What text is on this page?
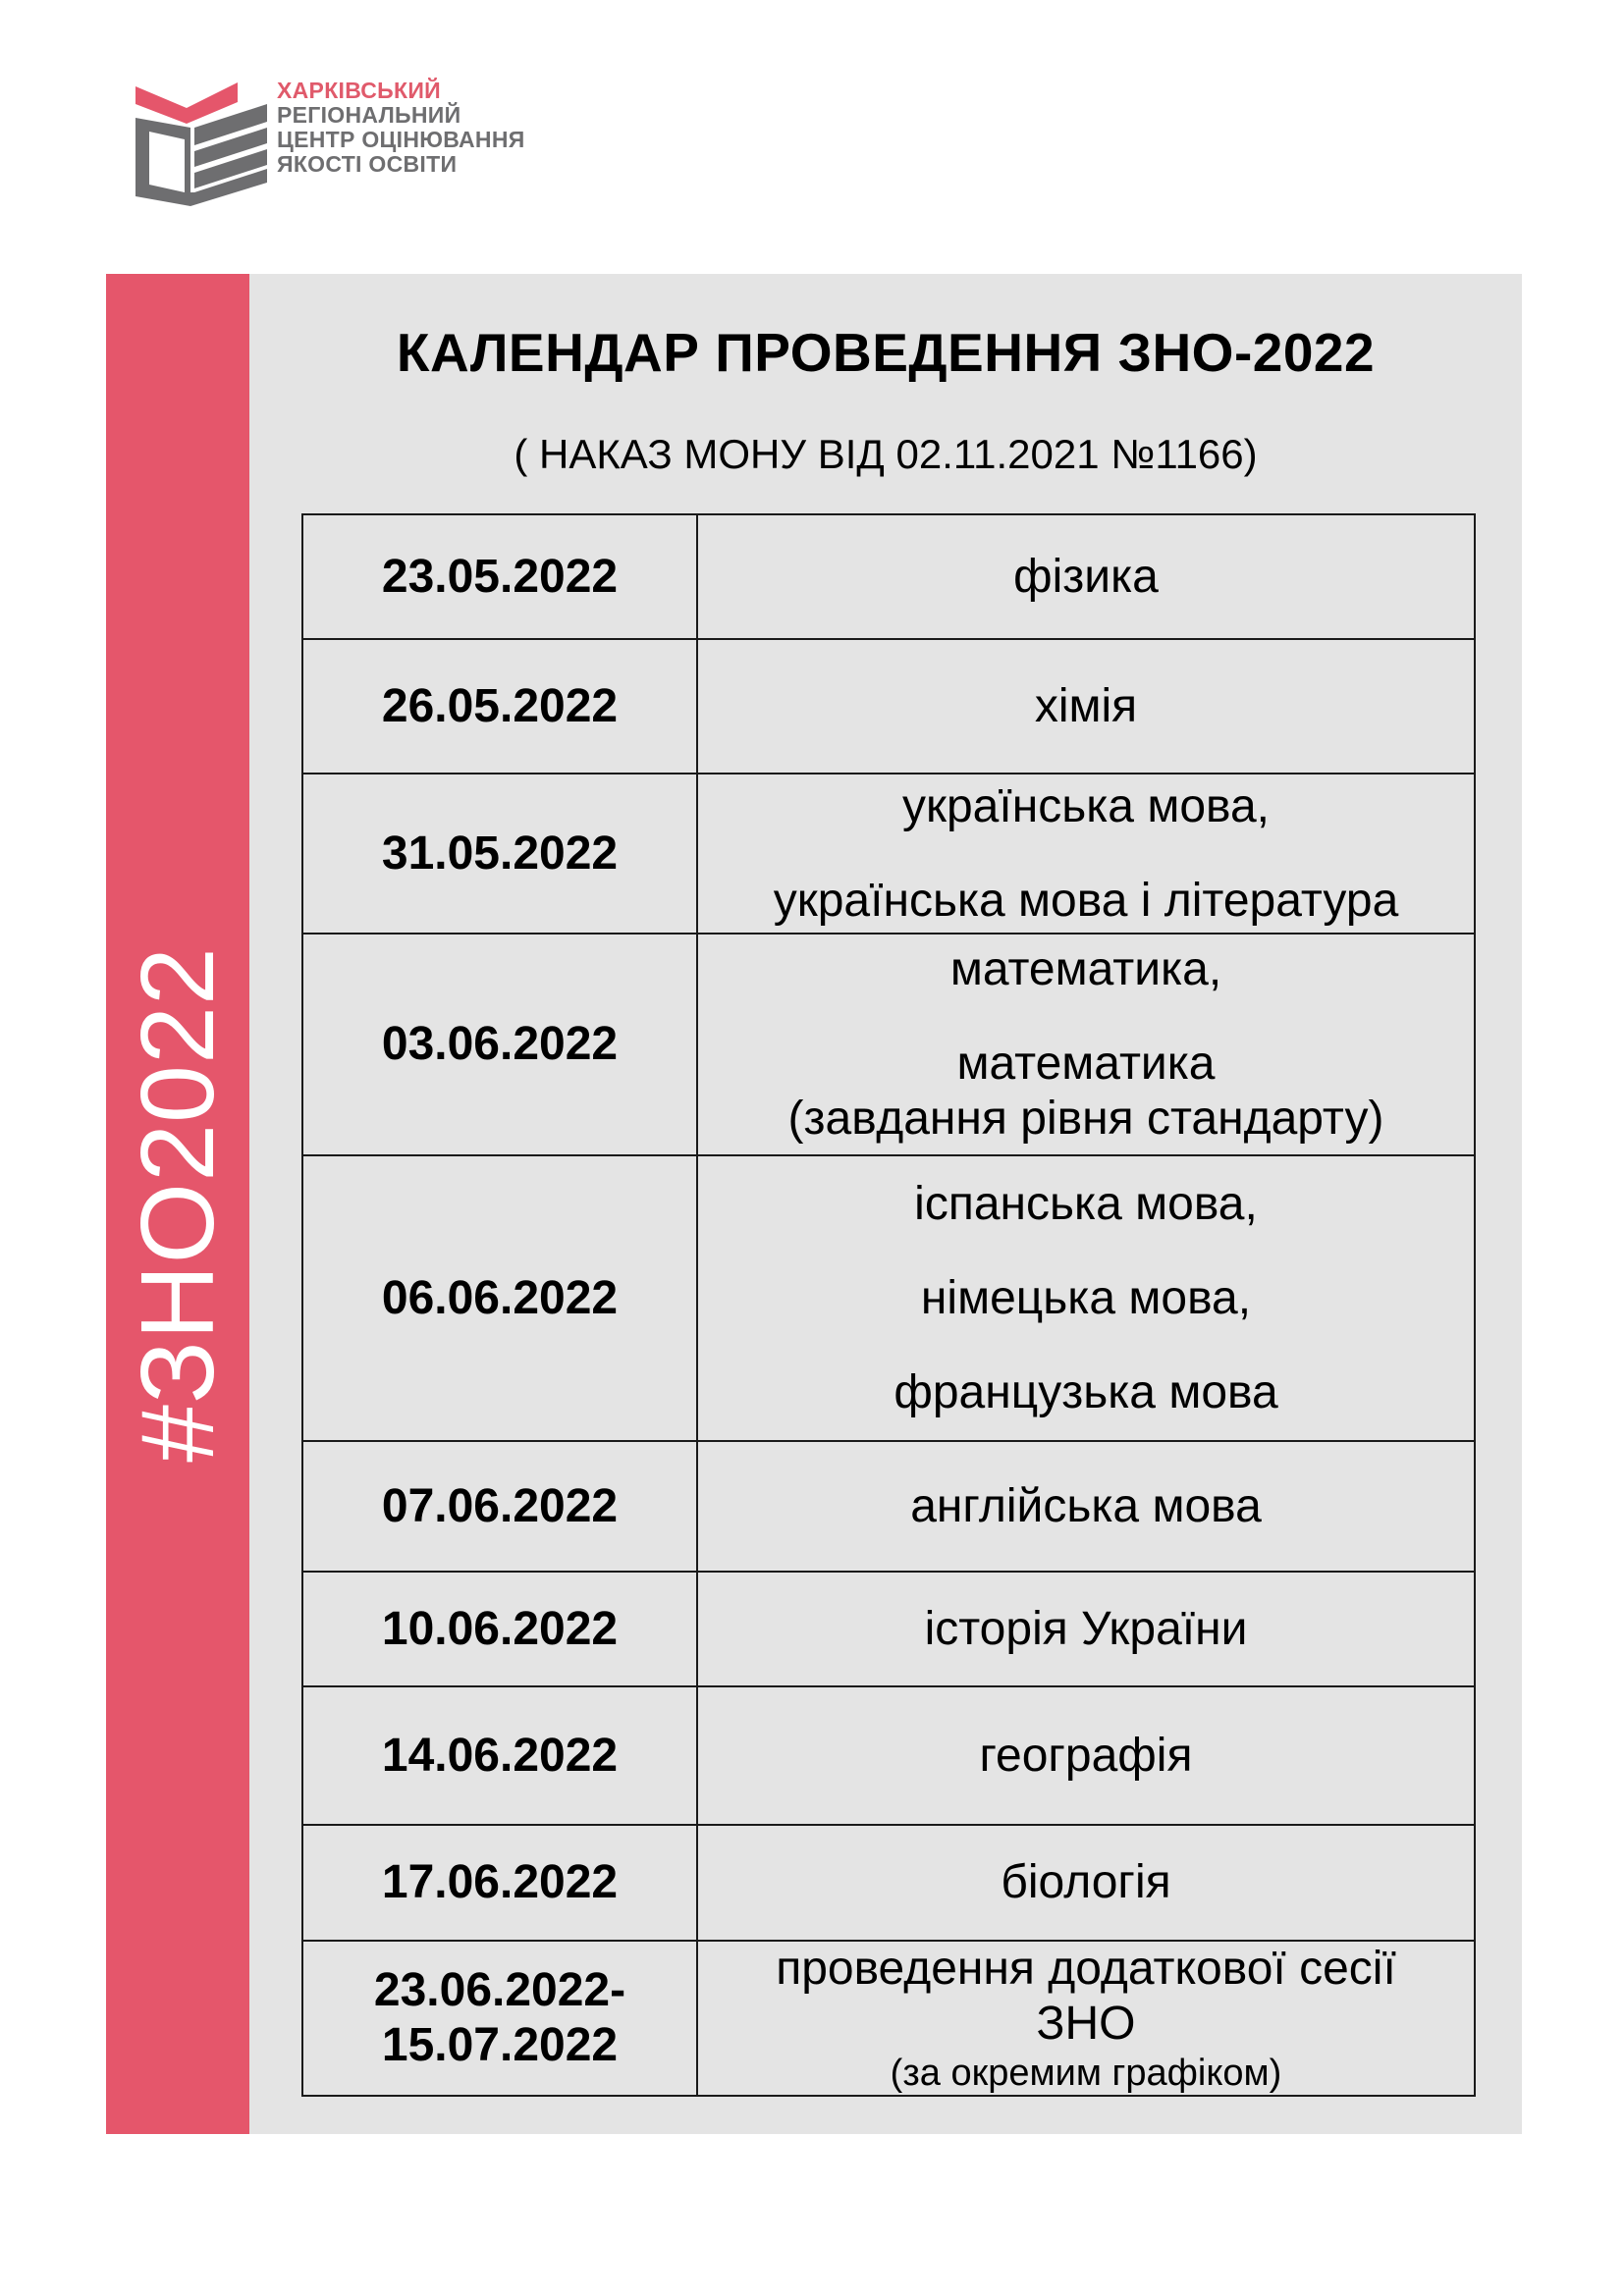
ХАРКІВСЬКИЙ
РЕГІОНАЛЬНИЙ
ЦЕНТР ОЦІНЮВАННЯ
ЯКОСТІ ОСВІТИ
#ЗНО2022
КАЛЕНДАР ПРОВЕДЕННЯ ЗНО-2022
( НАКАЗ МОНУ ВІД 02.11.2021 №1166)
23.05.2022	фізика

26.05.2022	хімія

31.05.2022	українська мова,
українська мова і література

03.06.2022	математика,
математика
(завдання рівня стандарту)

06.06.2022	іспанська мова,
німецька мова,
французька мова

07.06.2022	англійська мова

10.06.2022	історія України

14.06.2022	географія

17.06.2022	біологія

23.06.2022-
15.07.2022	проведення додаткової сесії
ЗНО
(за окремим графіком)
